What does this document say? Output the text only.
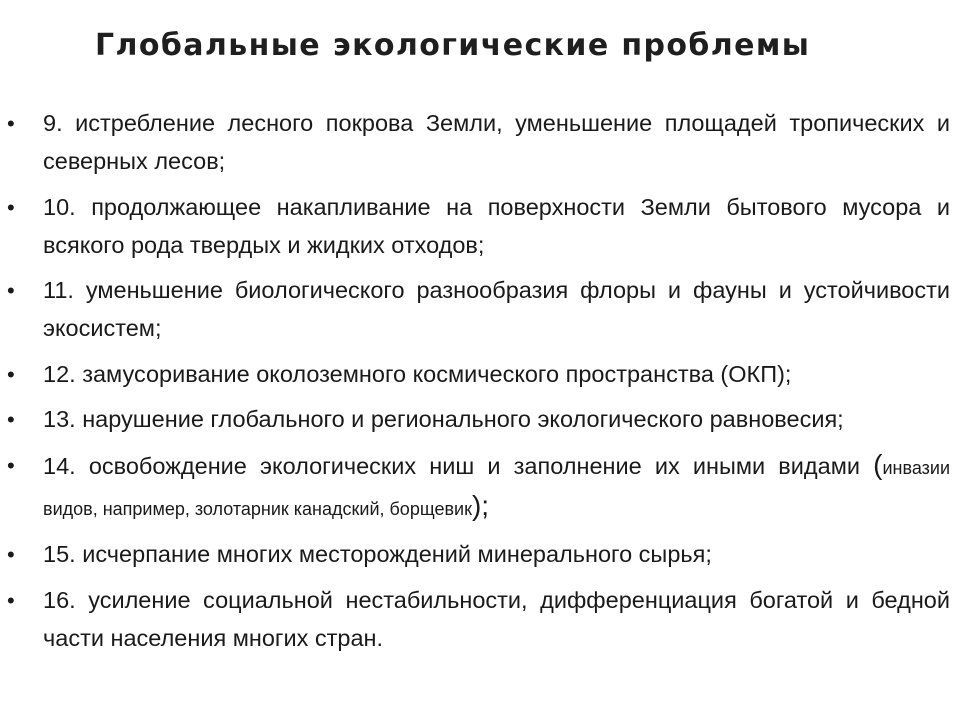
Глобальные экологические проблемы
• 9. истребление лесного покрова Земли, уменьшение площадей тропических и северных лесов;
• 10. продолжающее накапливание на поверхности Земли бытового мусора и всякого рода твердых и жидких отходов;
• 11. уменьшение биологического разнообразия флоры и фауны и устойчивости экосистем;
• 12. замусоривание околоземного космического пространства (ОКП);
• 13. нарушение глобального и регионального экологического равновесия;
• 14. освобождение экологических ниш и заполнение их иными видами (инвазии видов, например, золотарник канадский, борщевик);
• 15. исчерпание многих месторождений минерального сырья;
• 16. усиление социальной нестабильности, дифференциация богатой и бедной части населения многих стран.
